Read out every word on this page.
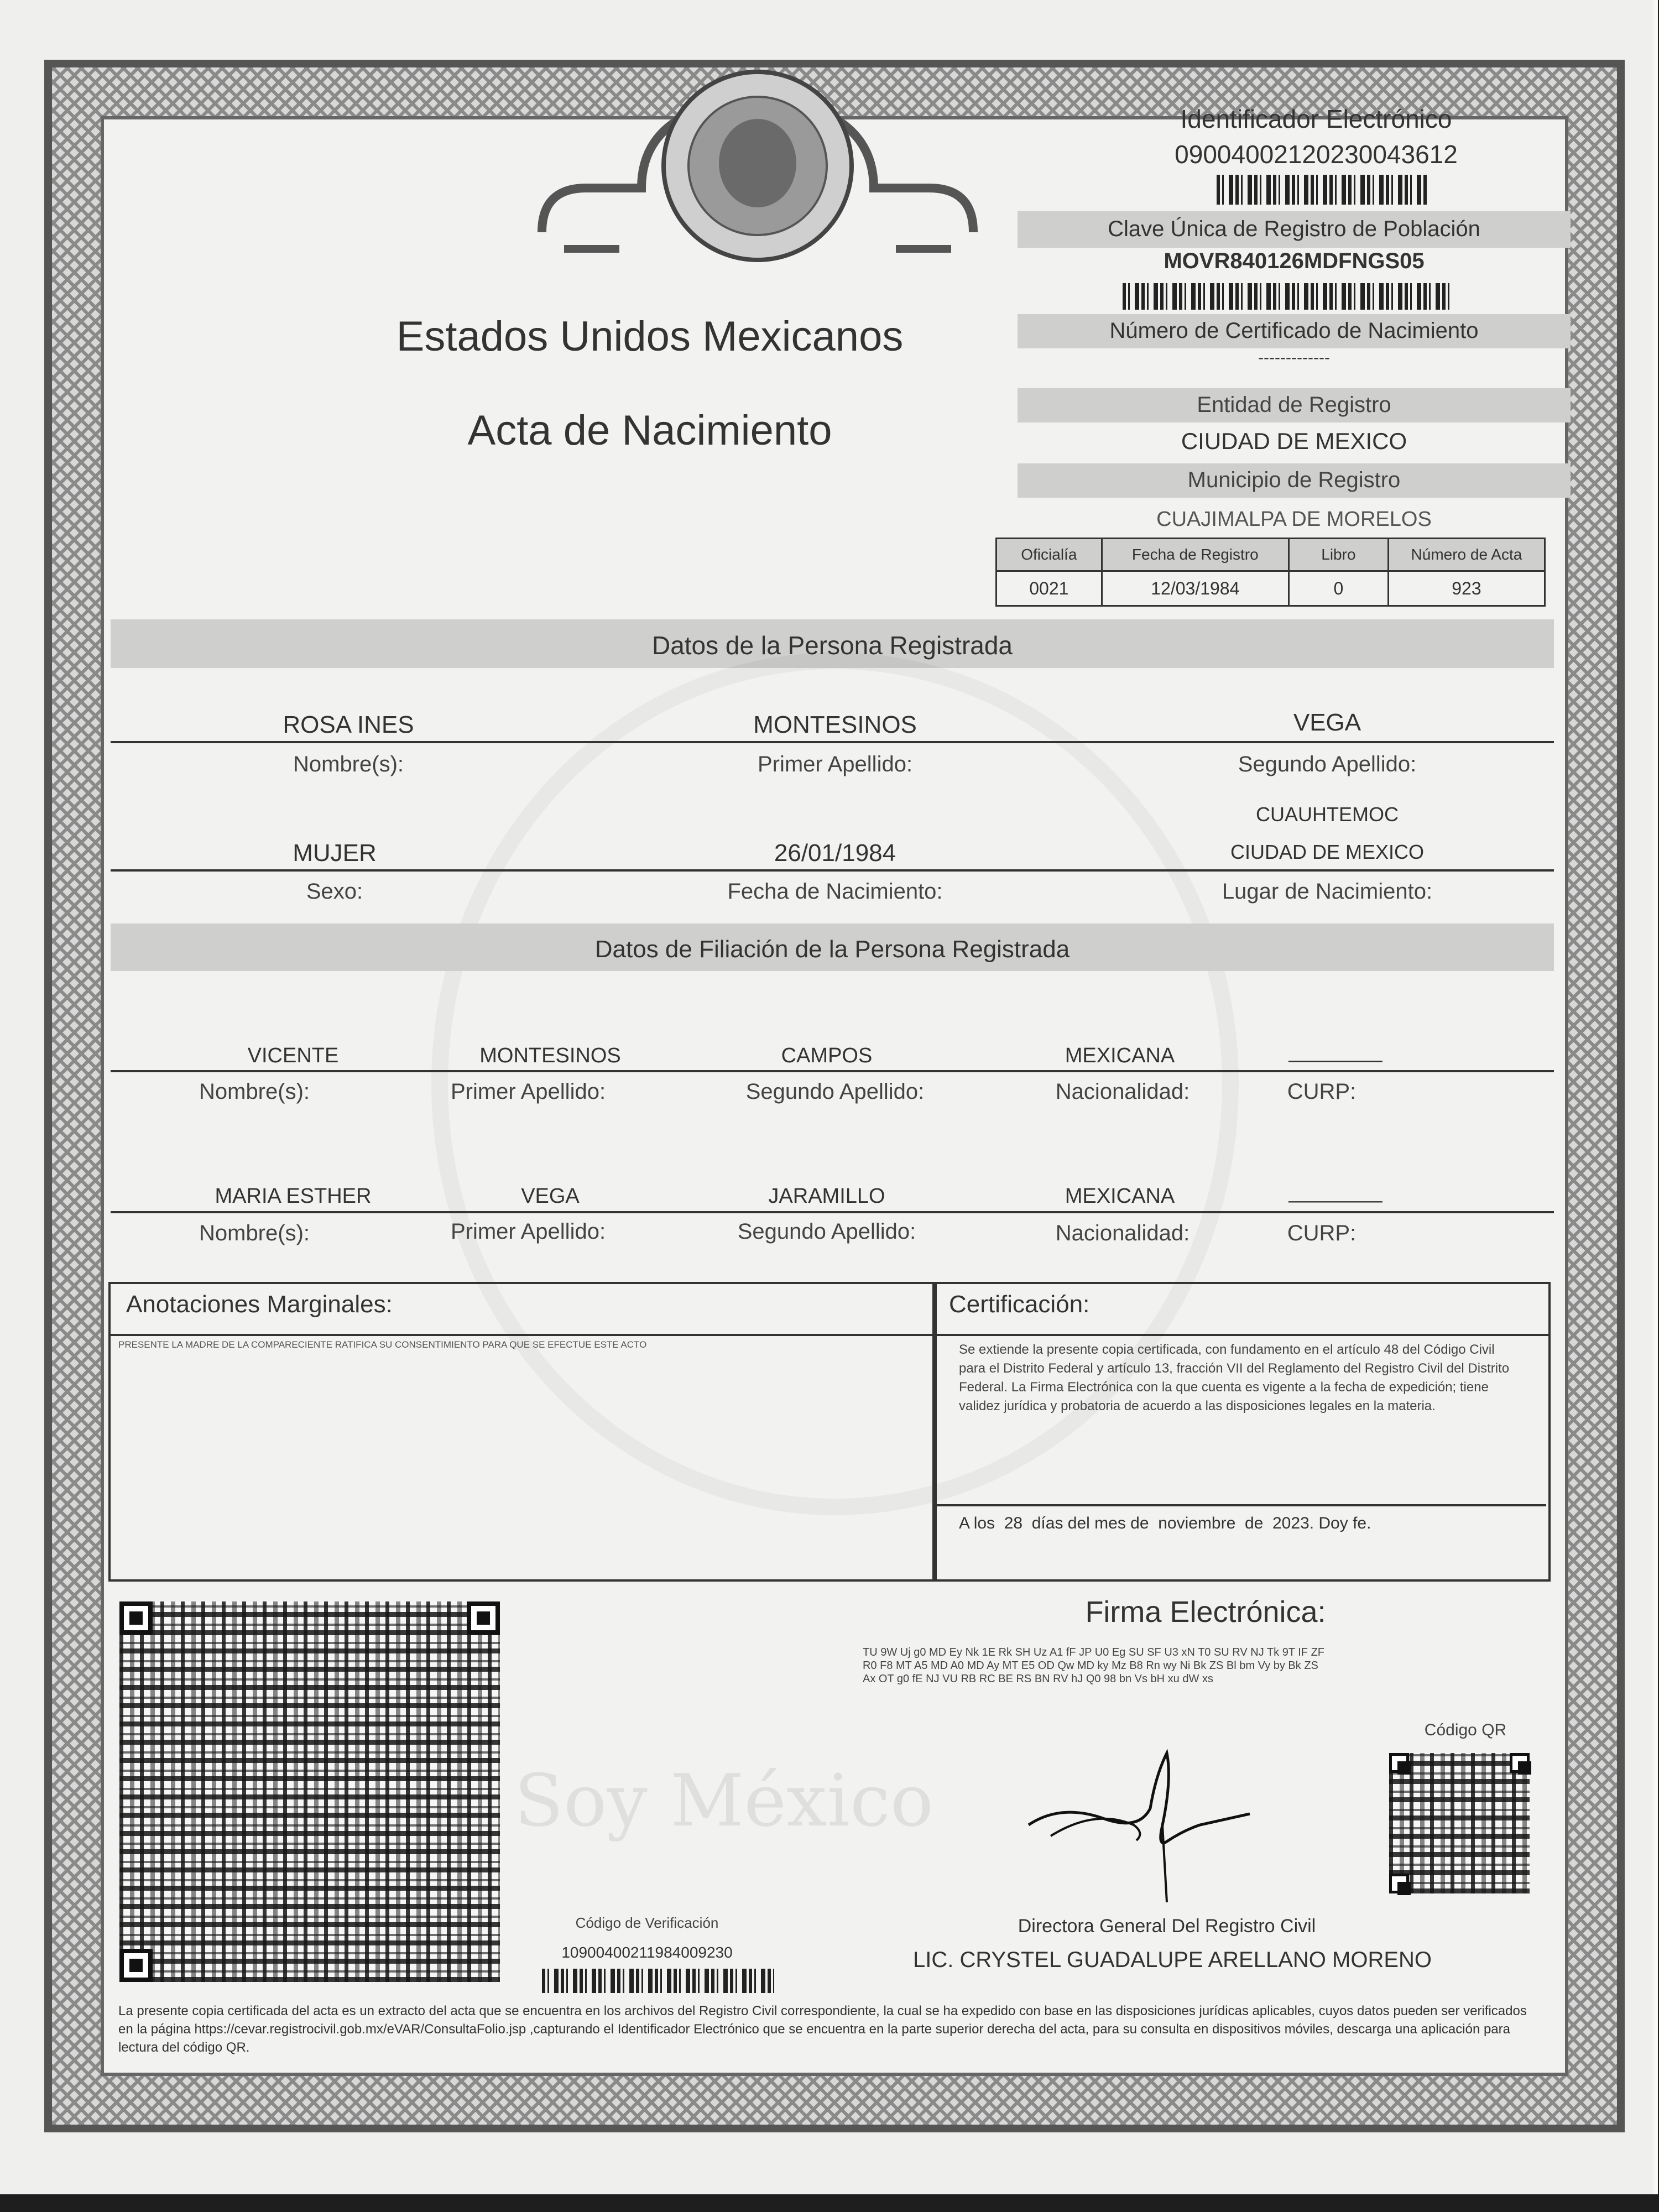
Estados Unidos Mexicanos
Acta de Nacimiento
Identificador Electrónico
09004002120230043612
Clave Única de Registro de Población
MOVR840126MDFNGS05
Número de Certificado de Nacimiento
-------------
Entidad de Registro
CIUDAD DE MEXICO
Municipio de Registro
CUAJIMALPA DE MORELOS
Oficialía	Fecha de Registro	Libro	Número de Acta
0021	12/03/1984	0	923
Datos de la Persona Registrada
ROSA INES	MONTESINOS	VEGA
Nombre(s):	Primer Apellido:	Segundo Apellido:
CUAUHTEMOC
MUJER	26/01/1984	CIUDAD DE MEXICO
Sexo:	Fecha de Nacimiento:	Lugar de Nacimiento:
Datos de Filiación de la Persona Registrada
VICENTE	MONTESINOS	CAMPOS	MEXICANA	________
Nombre(s):	Primer Apellido:	Segundo Apellido:	Nacionalidad:	CURP:
MARIA ESTHER	VEGA	JARAMILLO	MEXICANA	________
Nombre(s):	Primer Apellido:	Segundo Apellido:	Nacionalidad:	CURP:
Anotaciones Marginales:
PRESENTE LA MADRE DE LA COMPARECIENTE RATIFICA SU CONSENTIMIENTO PARA QUE SE EFECTUE ESTE ACTO
Certificación:
Se extiende la presente copia certificada, con fundamento en el artículo 48 del Código Civil para el Distrito Federal y artículo 13, fracción VII del Reglamento del Registro Civil del Distrito Federal. La Firma Electrónica con la que cuenta es vigente a la fecha de expedición; tiene validez jurídica y probatoria de acuerdo a las disposiciones legales en la materia.
A los  28  días del mes de  noviembre  de  2023. Doy fe.
Código de Verificación
10900400211984009230
Soy México
Firma Electrónica:
TU 9W Uj g0 MD Ey Nk 1E Rk SH Uz A1 fF JP U0 Eg SU SF U3 xN T0 SU RV NJ Tk 9T IF ZF
R0 F8 MT A5 MD A0 MD Ay MT E5 OD Qw MD ky Mz B8 Rn wy Ni Bk ZS Bl bm Vy by Bk ZS
Ax OT g0 fE NJ VU RB RC BE RS BN RV hJ Q0 98 bn Vs bH xu dW xs
Código QR
Directora General Del Registro Civil
LIC. CRYSTEL GUADALUPE ARELLANO MORENO
La presente copia certificada del acta es un extracto del acta que se encuentra en los archivos del Registro Civil correspondiente, la cual se ha expedido con base en las disposiciones jurídicas aplicables, cuyos datos pueden ser verificados en la página https://cevar.registrocivil.gob.mx/eVAR/ConsultaFolio.jsp ,capturando el Identificador Electrónico que se encuentra en la parte superior derecha del acta, para su consulta en dispositivos móviles, descarga una aplicación para lectura del código QR.
